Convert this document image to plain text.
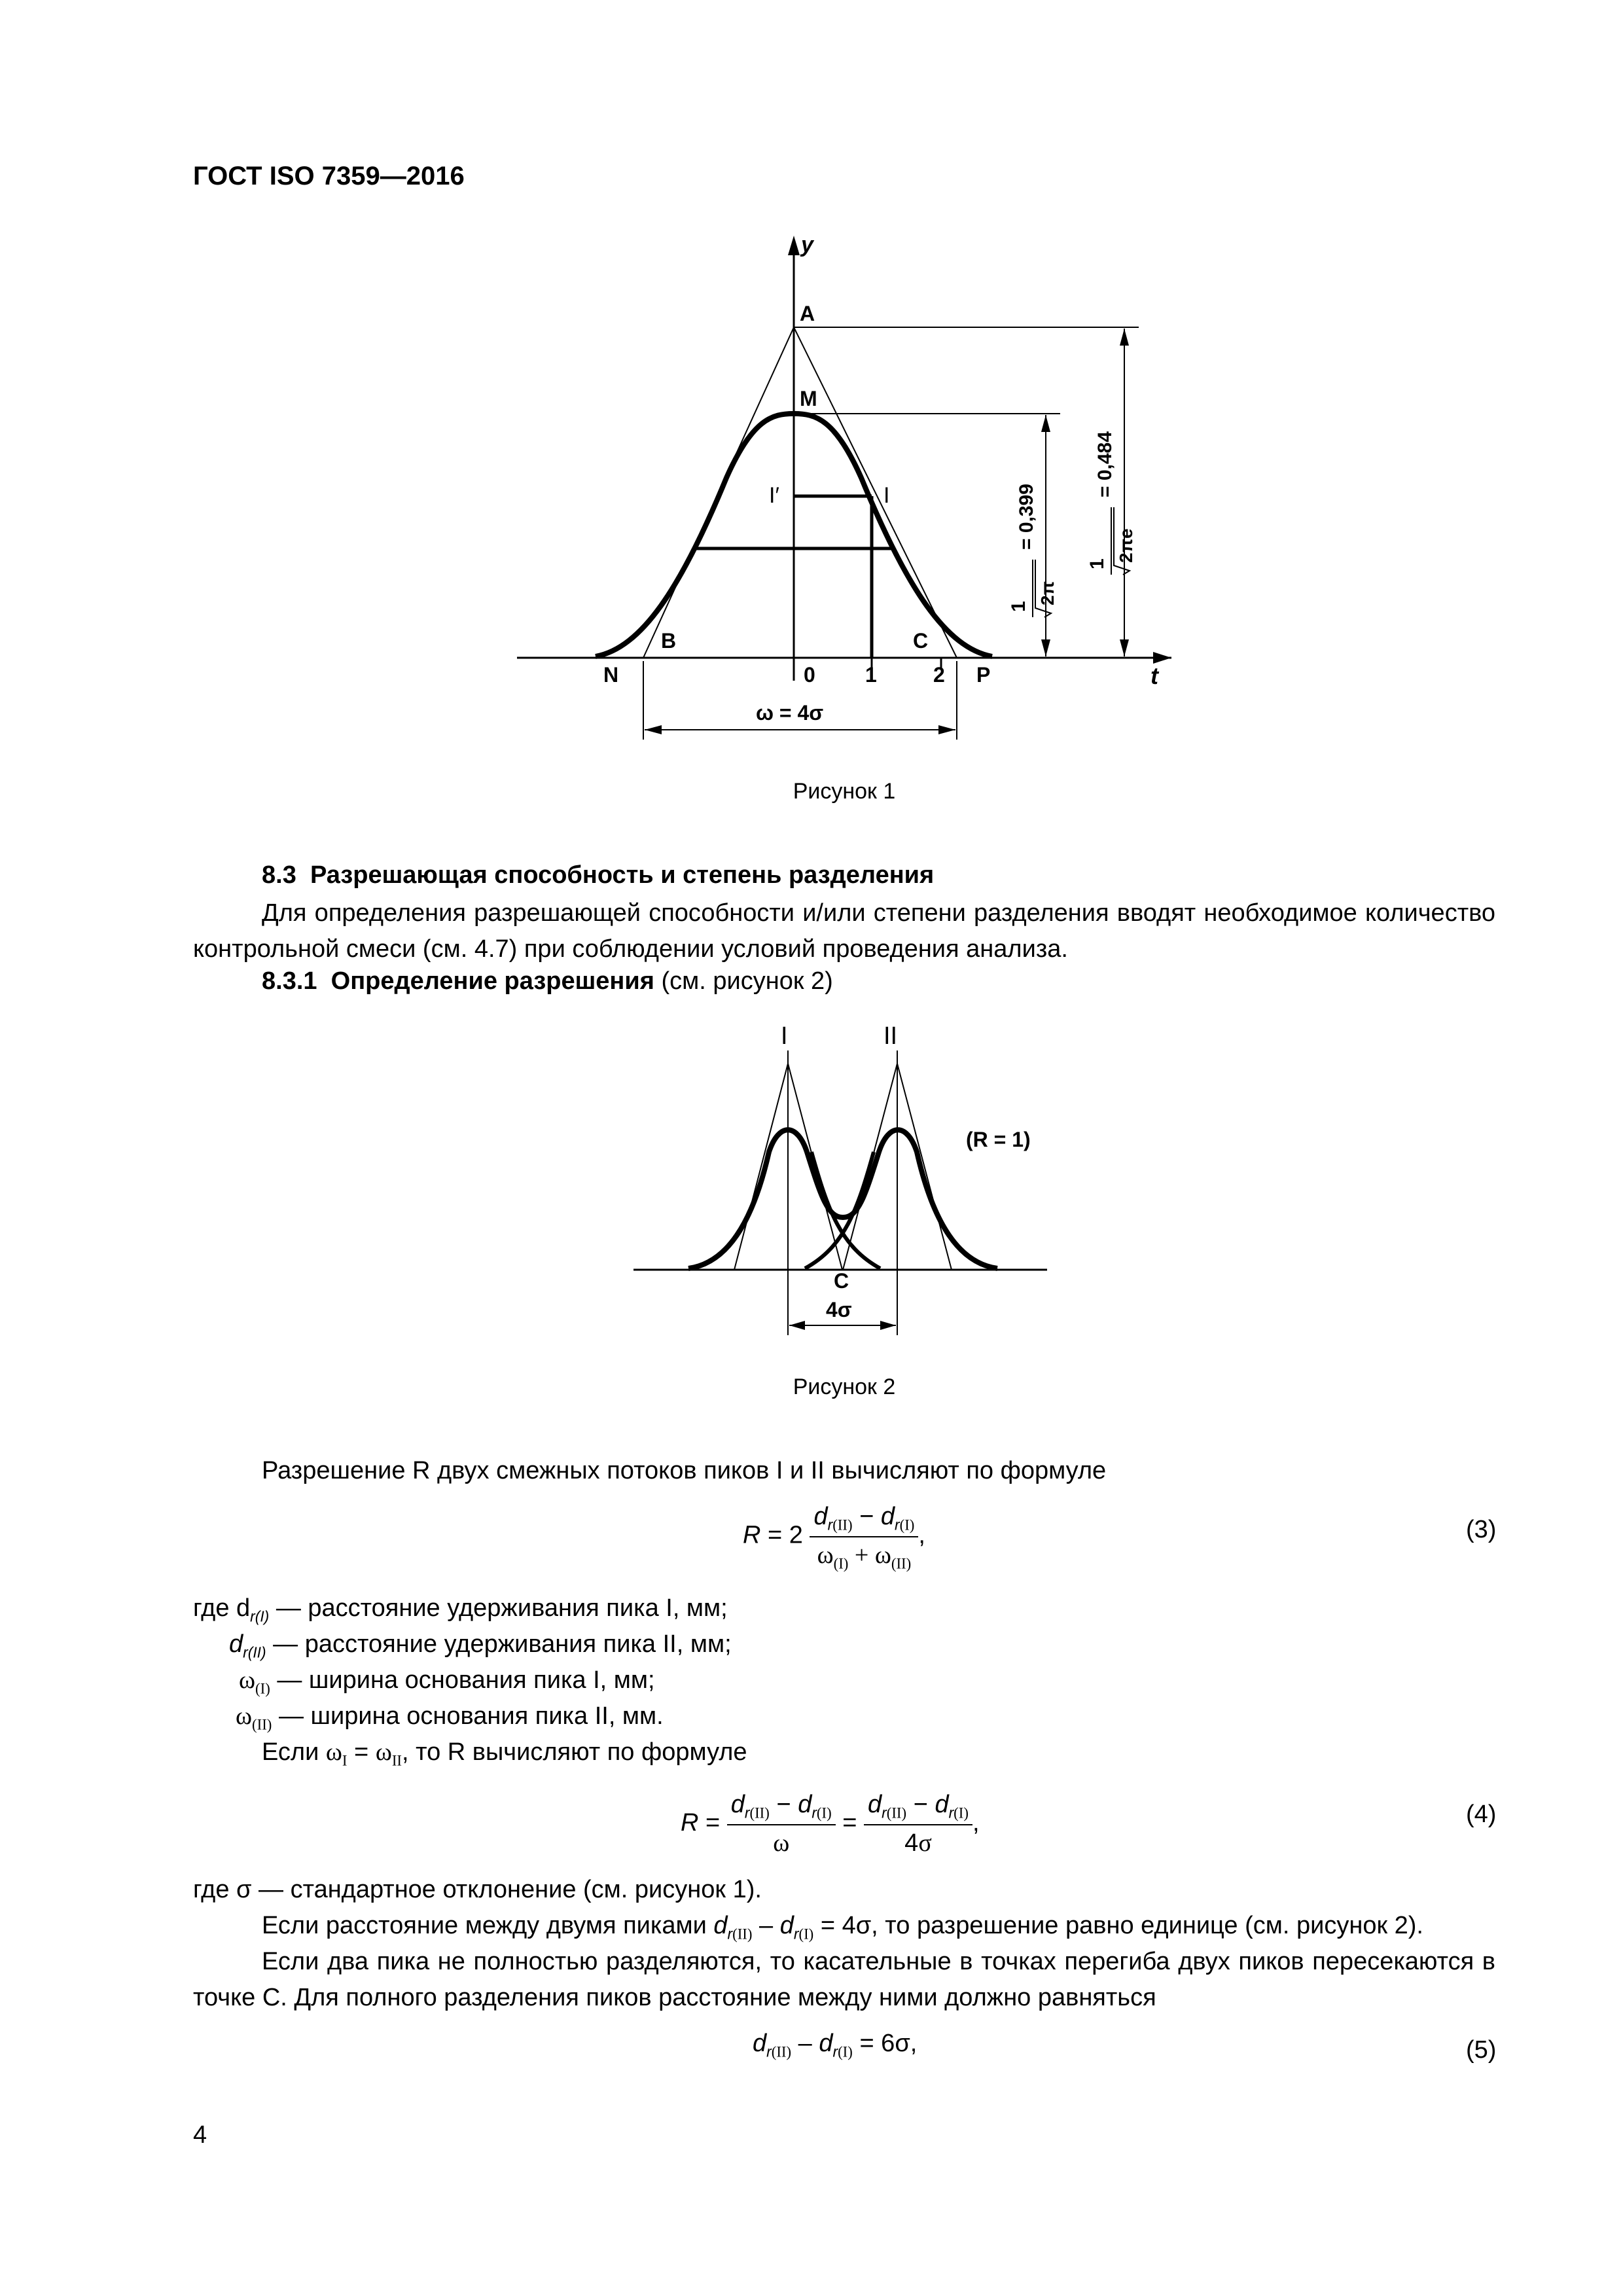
ГОСТ ISO 7359—2016
y
A
M
I′	I
B	C
N	P
0 1	2	t
ω = 4σ
1
2π
= 0,399
1
2πe
= 0,484
Рисунок 1
8.3 Разрешающая способность и степень разделения
Для определения разрешающей способности и/или степени разделения вводят необходимое количество контрольной смеси (см. 4.7) при соблюдении условий проведения анализа.
8.3.1 Определение разрешения (см. рисунок 2)
I	II
(R = 1)
C
4σ
Рисунок 2
Разрешение R двух смежных потоков пиков I и II вычисляют по формуле
$R = 2 \frac{d_{r(II)} - d_{r(I)}}{\omega_{(I)} + \omega_{(II)}}$ ,	(3)
где $d_{r(I)}$ — расстояние удерживания пика I, мм;
$d_{r(II)}$ — расстояние удерживания пика II, мм;
$\omega_{(I)}$ — ширина основания пика I, мм;
$\omega_{(II)}$ — ширина основания пика II, мм.
Если $\omega_I = \omega_{II}$, то R вычисляют по формуле
$R = \frac{d_{r(II)} - d_{r(I)}}{\omega} = \frac{d_{r(II)} - d_{r(I)}}{4\sigma}$ ,	(4)
где σ — стандартное отклонение (см. рисунок 1).
Если расстояние между двумя пиками $d_{r(II)} - d_{r(I)} = 4\sigma$, то разрешение равно единице (см. рисунок 2).
Если два пика не полностью разделяются, то касательные в точках перегиба двух пиков пересекаются в точке С. Для полного разделения пиков расстояние между ними должно равняться
$d_{r(II)} - d_{r(I)} = 6\sigma$,	(5)
4
